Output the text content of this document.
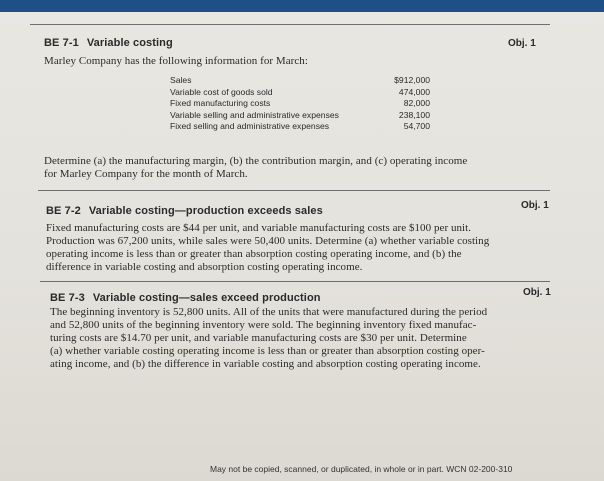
BE 7-1 Variable costing	Obj. 1
Marley Company has the following information for March:
Sales	$912,000
Variable cost of goods sold	474,000
Fixed manufacturing costs	82,000
Variable selling and administrative expenses	238,100
Fixed selling and administrative expenses	54,700
Determine (a) the manufacturing margin, (b) the contribution margin, and (c) operating income
for Marley Company for the month of March.
BE 7-2 Variable costing—production exceeds sales	Obj. 1
Fixed manufacturing costs are $44 per unit, and variable manufacturing costs are $100 per unit.
Production was 67,200 units, while sales were 50,400 units. Determine (a) whether variable costing
operating income is less than or greater than absorption costing operating income, and (b) the
difference in variable costing and absorption costing operating income.
BE 7-3 Variable costing—sales exceed production	Obj. 1
The beginning inventory is 52,800 units. All of the units that were manufactured during the period
and 52,800 units of the beginning inventory were sold. The beginning inventory fixed manufac-
turing costs are $14.70 per unit, and variable manufacturing costs are $30 per unit. Determine
(a) whether variable costing operating income is less than or greater than absorption costing oper-
ating income, and (b) the difference in variable costing and absorption costing operating income.
May not be copied, scanned, or duplicated, in whole or in part. WCN 02-200-310
